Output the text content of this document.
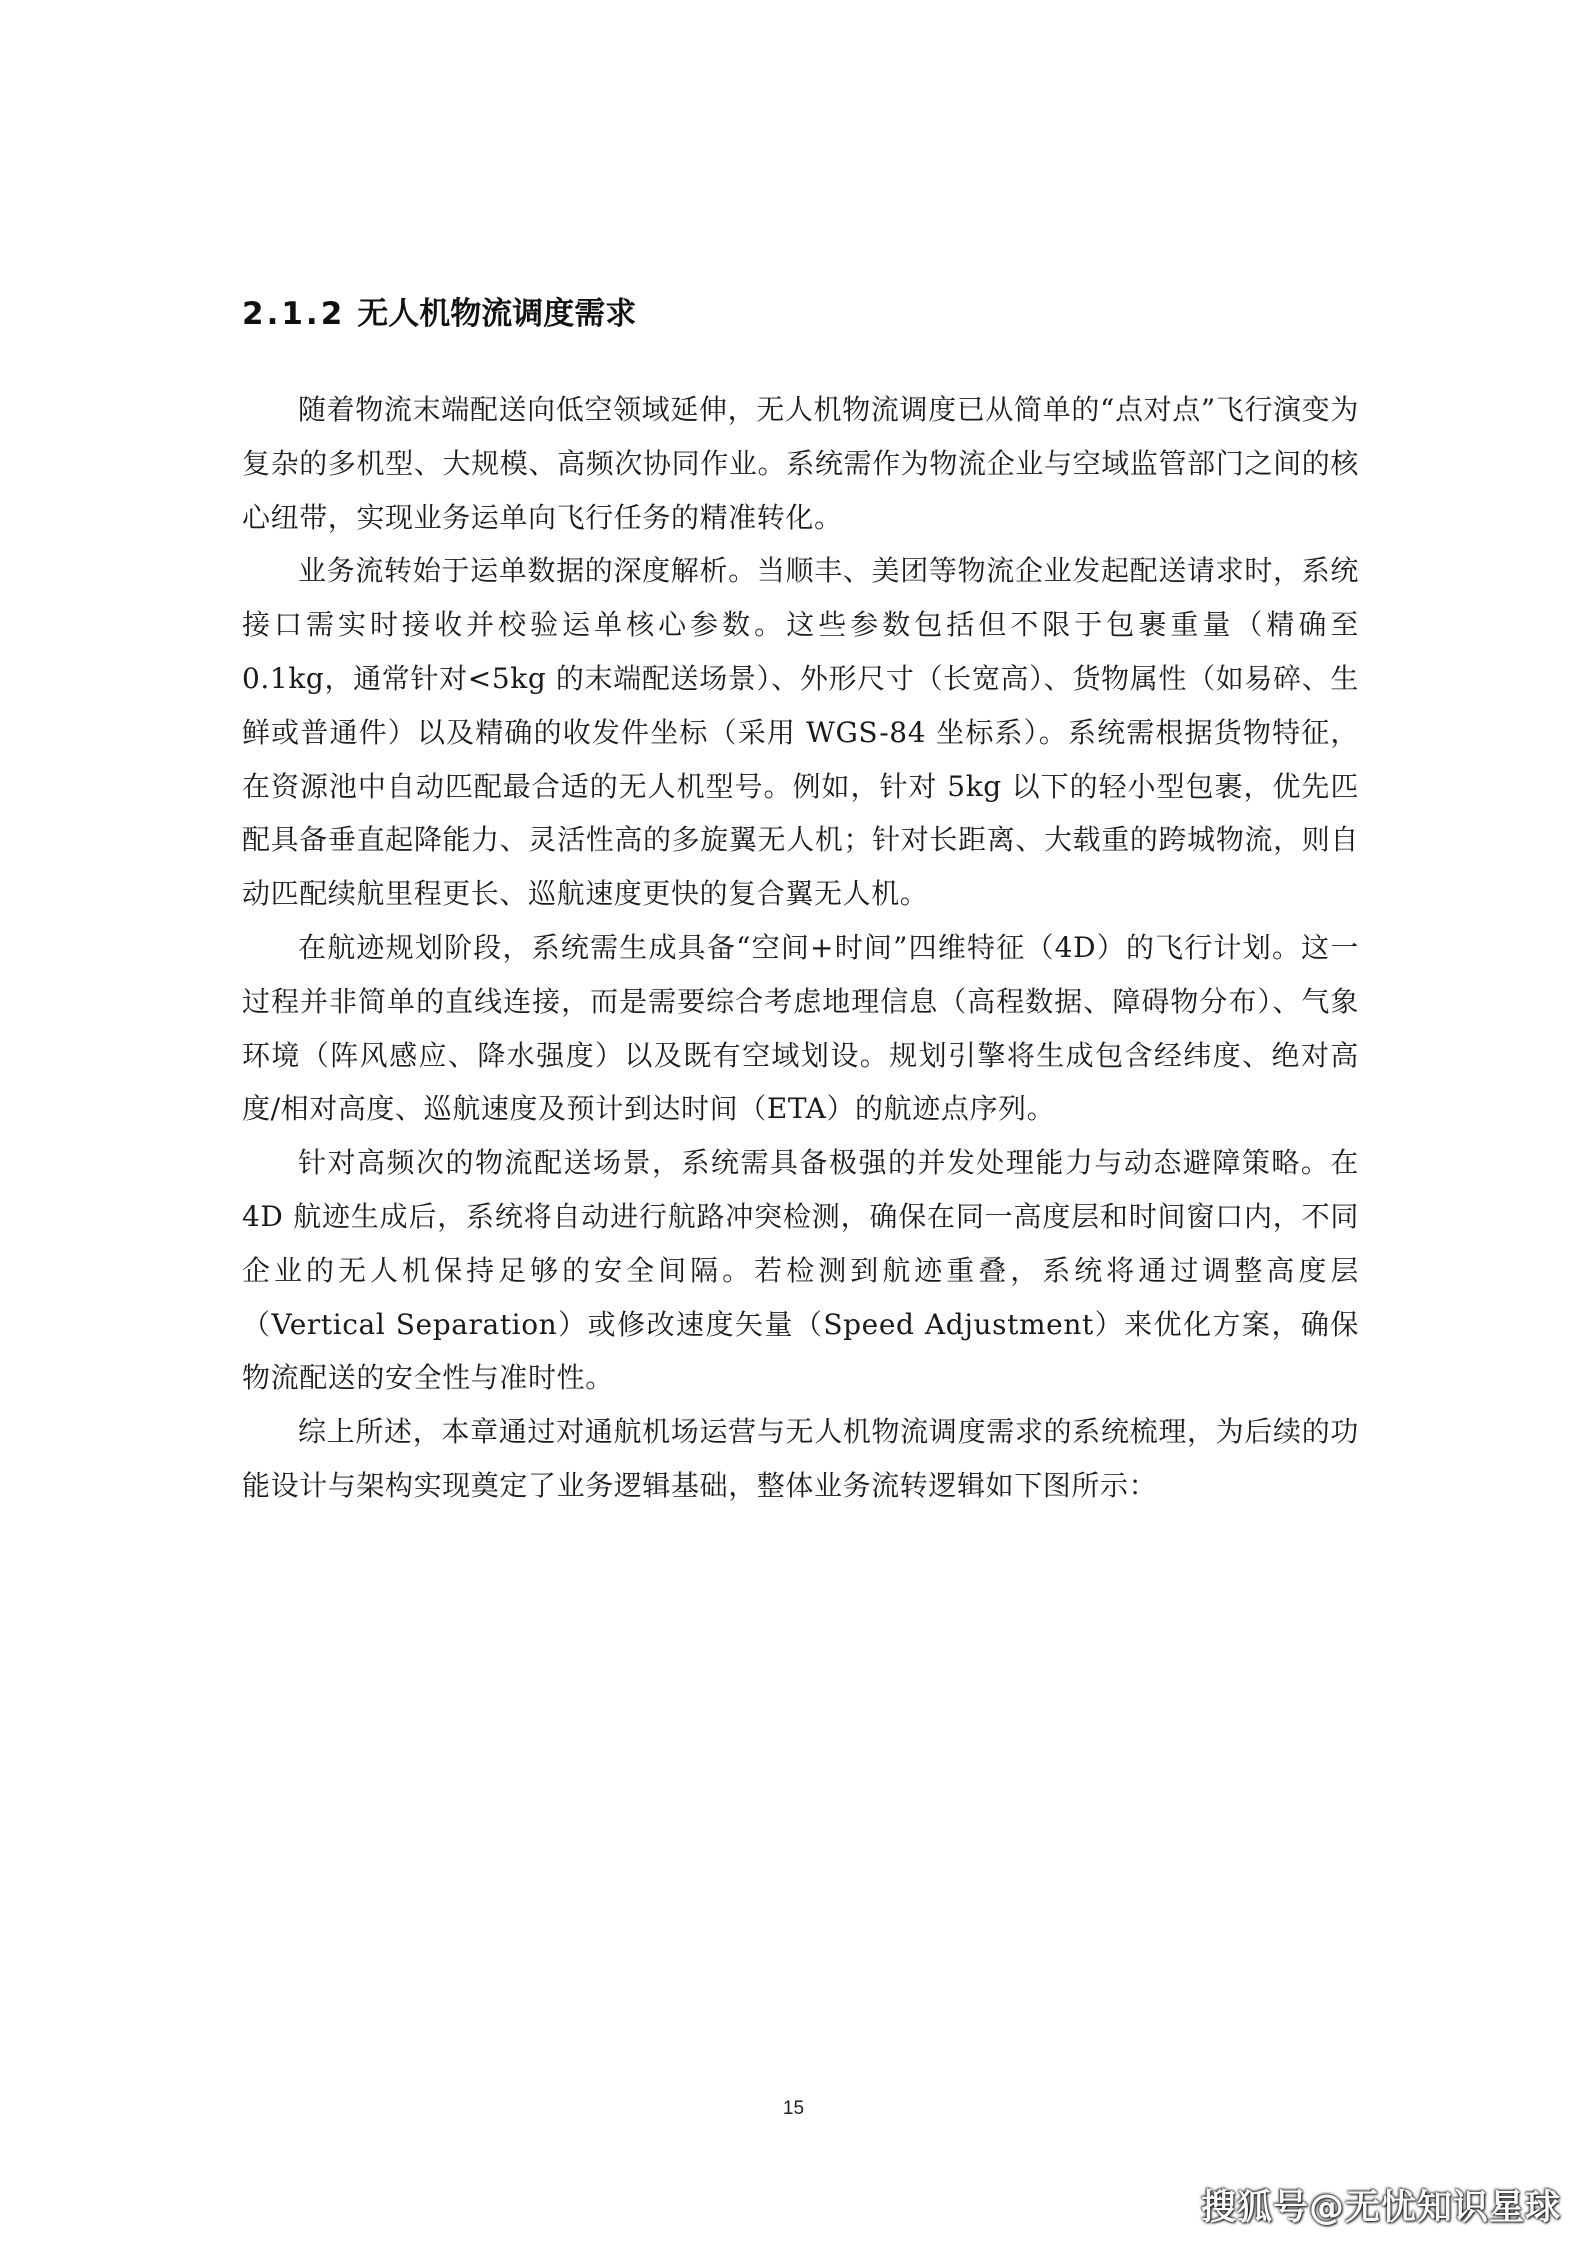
2.1.2 无人机物流调度需求

随着物流末端配送向低空领域延伸，无人机物流调度已从简单的“点对点”飞行演变为复杂的多机型、大规模、高频次协同作业。系统需作为物流企业与空域监管部门之间的核心纽带，实现业务运单向飞行任务的精准转化。

业务流转始于运单数据的深度解析。当顺丰、美团等物流企业发起配送请求时，系统接口需实时接收并校验运单核心参数。这些参数包括但不限于包裹重量（精确至 0.1kg，通常针对<5kg 的末端配送场景）、外形尺寸（长宽高）、货物属性（如易碎、生鲜或普通件）以及精确的收发件坐标（采用 WGS-84 坐标系）。系统需根据货物特征，在资源池中自动匹配最合适的无人机型号。例如，针对 5kg 以下的轻小型包裹，优先匹配具备垂直起降能力、灵活性高的多旋翼无人机；针对长距离、大载重的跨城物流，则自动匹配续航里程更长、巡航速度更快的复合翼无人机。

在航迹规划阶段，系统需生成具备“空间+时间”四维特征（4D）的飞行计划。这一过程并非简单的直线连接，而是需要综合考虑地理信息（高程数据、障碍物分布）、气象环境（阵风感应、降水强度）以及既有空域划设。规划引擎将生成包含经纬度、绝对高度/相对高度、巡航速度及预计到达时间（ETA）的航迹点序列。

针对高频次的物流配送场景，系统需具备极强的并发处理能力与动态避障策略。在 4D 航迹生成后，系统将自动进行航路冲突检测，确保在同一高度层和时间窗口内，不同企业的无人机保持足够的安全间隔。若检测到航迹重叠，系统将通过调整高度层（Vertical Separation）或修改速度矢量（Speed Adjustment）来优化方案，确保物流配送的安全性与准时性。

综上所述，本章通过对通航机场运营与无人机物流调度需求的系统梳理，为后续的功能设计与架构实现奠定了业务逻辑基础，整体业务流转逻辑如下图所示：

15
搜狐号@无忧知识星球
